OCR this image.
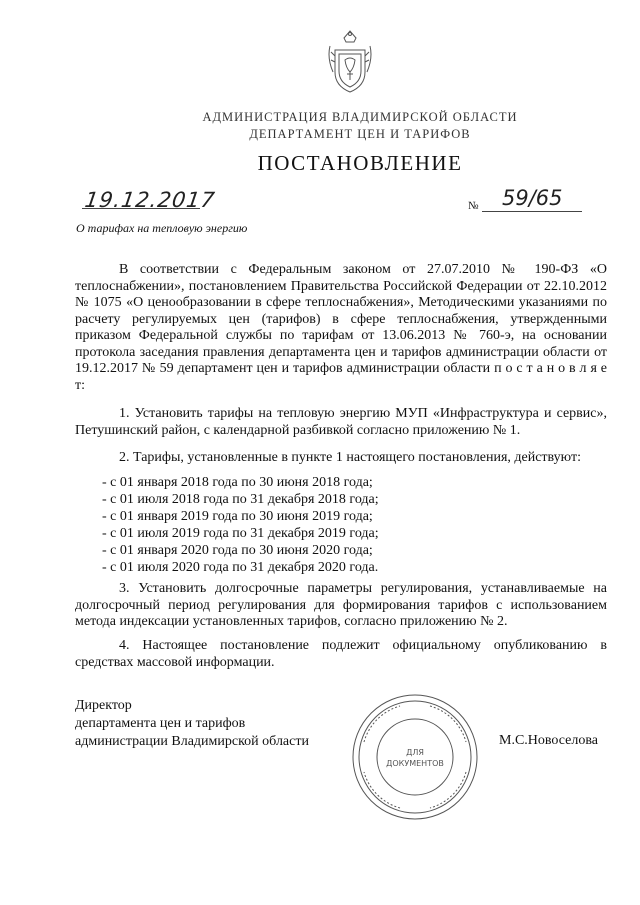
АДМИНИСТРАЦИЯ ВЛАДИМИРСКОЙ ОБЛАСТИ
ДЕПАРТАМЕНТ ЦЕН И ТАРИФОВ
ПОСТАНОВЛЕНИЕ
19.12.2017	№ 59/65
О тарифах на тепловую энергию
В соответствии с Федеральным законом от 27.07.2010 № 190-ФЗ «О теплоснабжении», постановлением Правительства Российской Федерации от 22.10.2012 № 1075 «О ценообразовании в сфере теплоснабжения», Методическими указаниями по расчету регулируемых цен (тарифов) в сфере теплоснабжения, утвержденными приказом Федеральной службы по тарифам от 13.06.2013 № 760-э, на основании протокола заседания правления департамента цен и тарифов администрации области от 19.12.2017 № 59 департамент цен и тарифов администрации области п о с т а н о в л я е т:
1. Установить тарифы на тепловую энергию МУП «Инфраструктура и сервис», Петушинский район, с календарной разбивкой согласно приложению № 1.
2. Тарифы, установленные в пункте 1 настоящего постановления, действуют:
- с 01 января 2018 года по 30 июня 2018 года;
- с 01 июля 2018 года по 31 декабря 2018 года;
- с 01 января 2019 года по 30 июня 2019 года;
- с 01 июля 2019 года по 31 декабря 2019 года;
- с 01 января 2020 года по 30 июня 2020 года;
- с 01 июля 2020 года по 31 декабря 2020 года.
3. Установить долгосрочные параметры регулирования, устанавливаемые на долгосрочный период регулирования для формирования тарифов с использованием метода индексации установленных тарифов, согласно приложению № 2.
4. Настоящее постановление подлежит официальному опубликованию в средствах массовой информации.
Директор
департамента цен и тарифов
администрации Владимирской области
ДЛЯ
ДОКУМЕНТОВ
М.С.Новоселова
